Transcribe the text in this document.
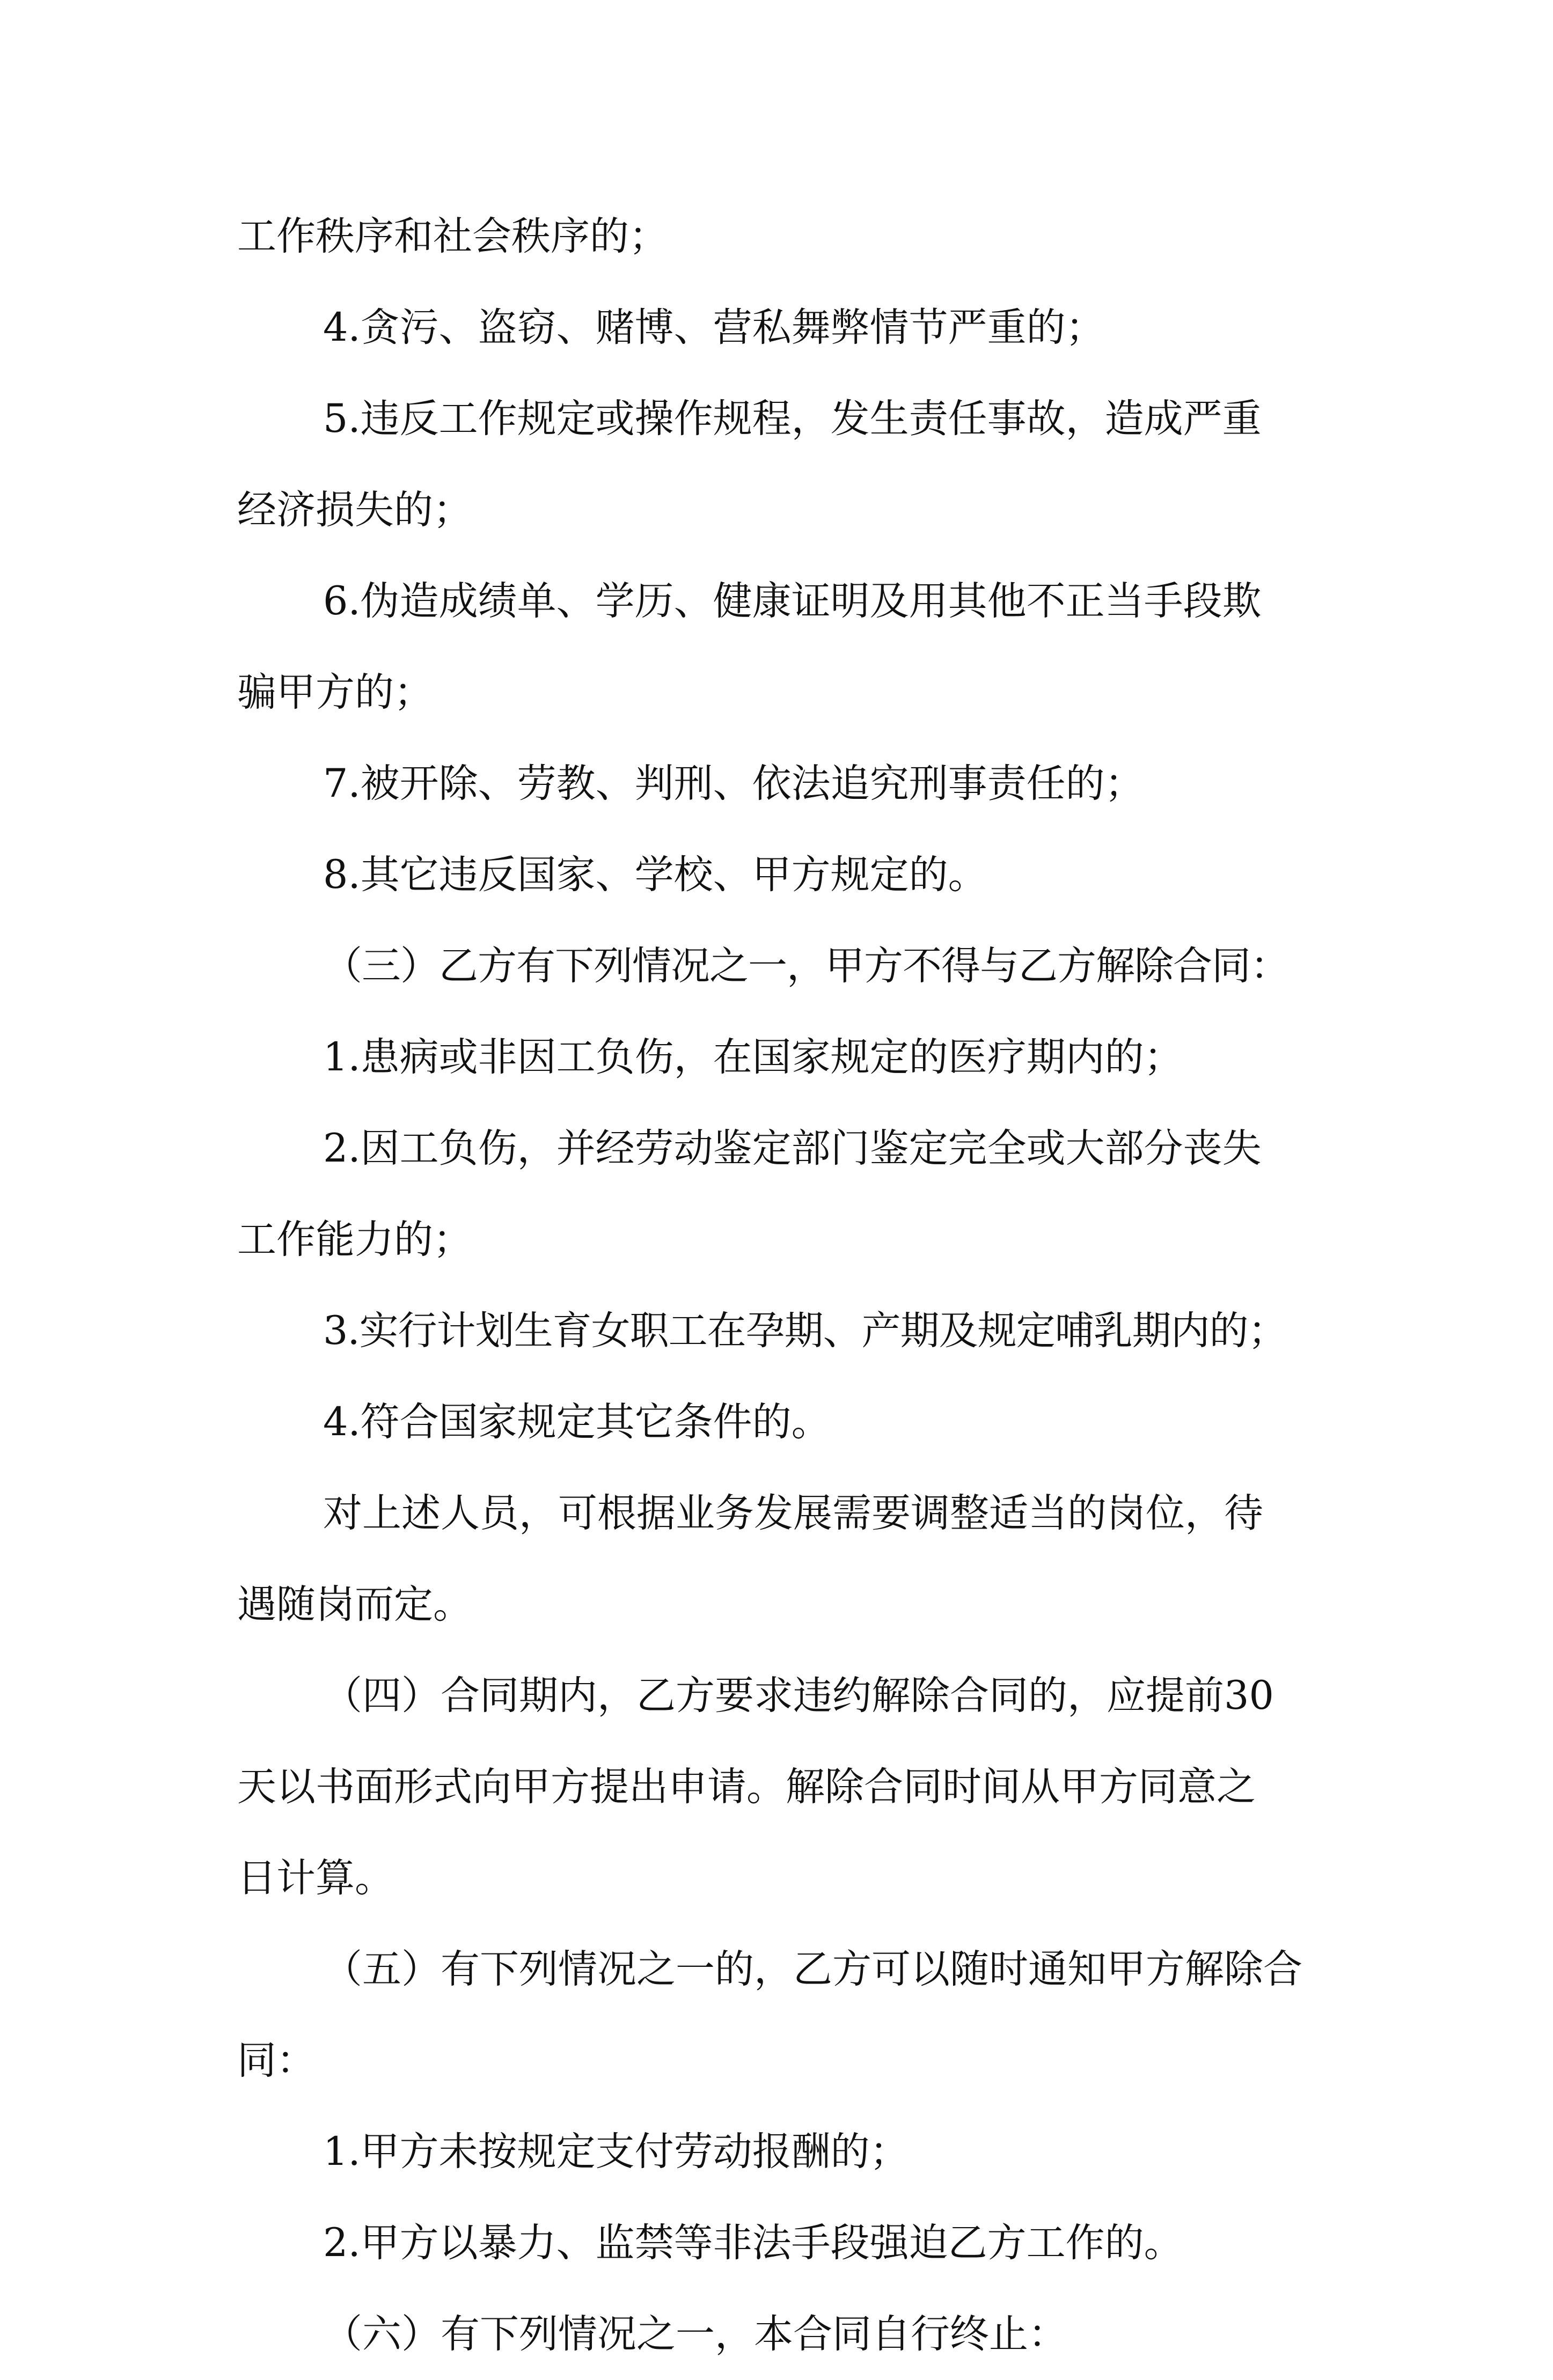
工作秩序和社会秩序的；
4.贪污、盗窃、赌博、营私舞弊情节严重的；
5.违反工作规定或操作规程，发生责任事故，造成严重
经济损失的；
6.伪造成绩单、学历、健康证明及用其他不正当手段欺
骗甲方的；
7.被开除、劳教、判刑、依法追究刑事责任的；
8.其它违反国家、学校、甲方规定的。
（三）乙方有下列情况之一，甲方不得与乙方解除合同：
1.患病或非因工负伤，在国家规定的医疗期内的；
2.因工负伤，并经劳动鉴定部门鉴定完全或大部分丧失
工作能力的；
3.实行计划生育女职工在孕期、产期及规定哺乳期内的；
4.符合国家规定其它条件的。
对上述人员，可根据业务发展需要调整适当的岗位，待
遇随岗而定。
（四）合同期内，乙方要求违约解除合同的，应提前30
天以书面形式向甲方提出申请。解除合同时间从甲方同意之
日计算。
（五）有下列情况之一的，乙方可以随时通知甲方解除合
同：
1.甲方未按规定支付劳动报酬的；
2.甲方以暴力、监禁等非法手段强迫乙方工作的。
（六）有下列情况之一，本合同自行终止：
